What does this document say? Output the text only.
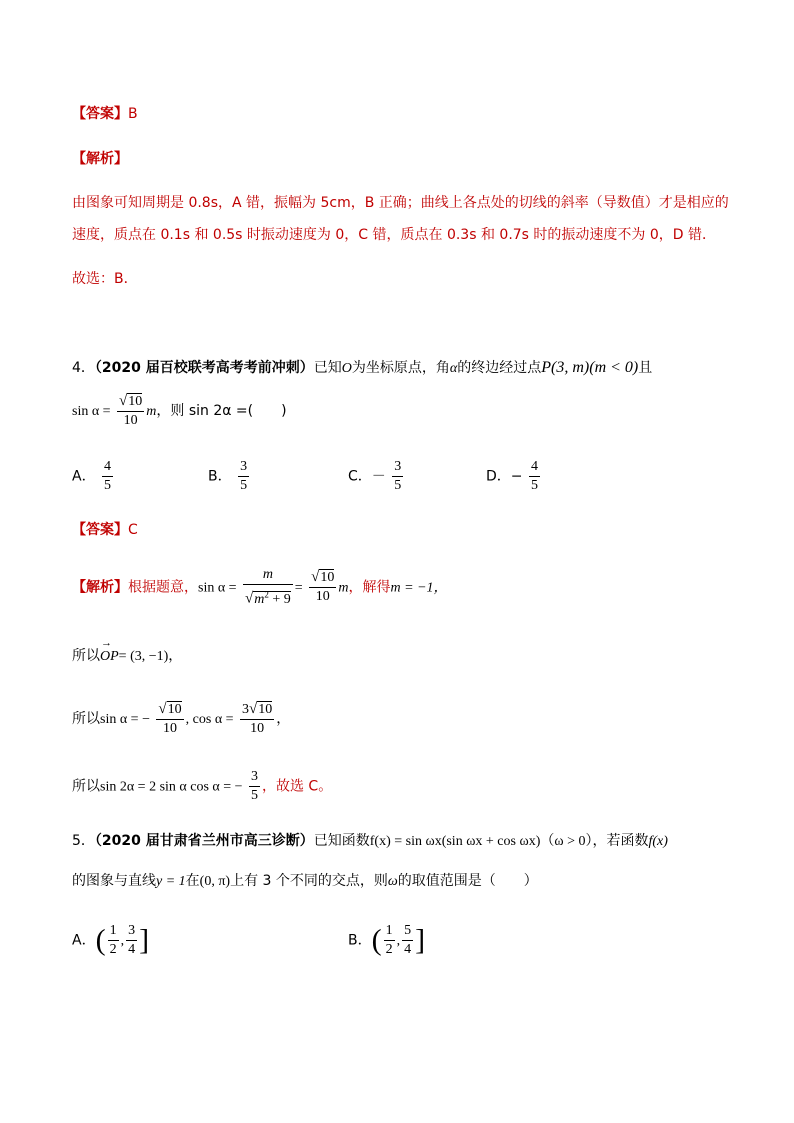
【答案】B
【解析】
由图象可知周期是 0.8s，A 错，振幅为 5cm，B 正确；曲线上各点处的切线的斜率（导数值）才是相应的
速度，质点在 0.1s 和 0.5s 时振动速度为 0，C 错，质点在 0.3s 和 0.7s 时的振动速度不为 0，D 错．
故选：B．
4．（2020 届百校联考高考考前冲刺）已知O为坐标原点，角α的终边经过点P(3, m)(m < 0)且
$\sin \alpha = \frac{√10}{10}$ m，则 sin 2α =(　　)
A． $\frac{4}{5}$	B． $\frac{3}{5}$	C．－ $\frac{3}{5}$	D．− $\frac{4}{5}$
【答案】C
【解析】根据题意，$\sin \alpha = \frac{m}{√m^2 + 9} = \frac{√10}{10}$ m，解得m = −1，
所以→ OP= (3, −1)，
所以sin α = − $\frac{√10}{10}$ , $\cos \alpha = \frac{3√10}{10}$ ，
所以sin 2α = 2 sin α cos α = − $\frac{3}{5}$ ，故选 C。
5．（2020 届甘肃省兰州市高三诊断）已知函数f(x) = sin ωx(sin ωx + cos ωx)（ω > 0），若函数f(x)
的图象与直线y = 1在(0, π)上有 3 个不同的交点，则ω的取值范围是（　　）
A．( $\frac{1}{2}$ , $\frac{3}{4}$ ]	B．( $\frac{1}{2}$ , $\frac{5}{4}$ ]
